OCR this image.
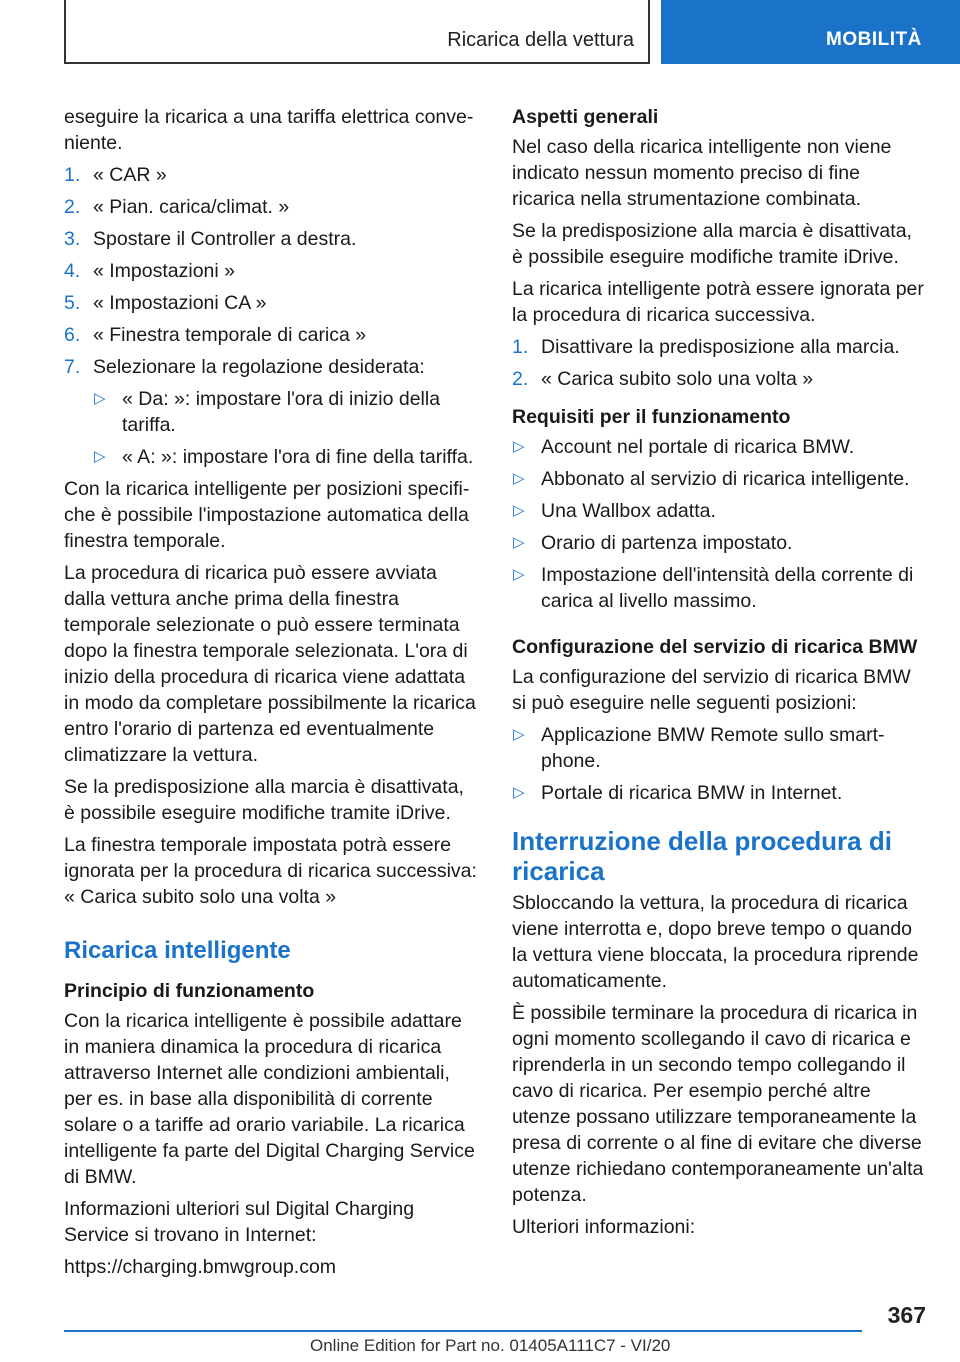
Ricarica della vettura	MOBILITÀ

eseguire la ricarica a una tariffa elettrica conveniente.

1. « CAR »
2. « Pian. carica/climat. »
3. Spostare il Controller a destra.
4. « Impostazioni »
5. « Impostazioni CA »
6. « Finestra temporale di carica »
7. Selezionare la regolazione desiderata:
▷ « Da: »: impostare l'ora di inizio della tariffa.
▷ « A: »: impostare l'ora di fine della tariffa.

Con la ricarica intelligente per posizioni specifiche è possibile l'impostazione automatica della finestra temporale.

La procedura di ricarica può essere avviata dalla vettura anche prima della finestra temporale selezionate o può essere terminata dopo la finestra temporale selezionata. L'ora di inizio della procedura di ricarica viene adattata in modo da completare possibilmente la ricarica entro l'orario di partenza ed eventualmente climatizzare la vettura.

Se la predisposizione alla marcia è disattivata, è possibile eseguire modifiche tramite iDrive.

La finestra temporale impostata potrà essere ignorata per la procedura di ricarica successiva: « Carica subito solo una volta »

Ricarica intelligente
Principio di funzionamento

Con la ricarica intelligente è possibile adattare in maniera dinamica la procedura di ricarica attraverso Internet alle condizioni ambientali, per es. in base alla disponibilità di corrente solare o a tariffe ad orario variabile. La ricarica intelligente fa parte del Digital Charging Service di BMW.

Informazioni ulteriori sul Digital Charging Service si trovano in Internet:

https://charging.bmwgroup.com

Aspetti generali

Nel caso della ricarica intelligente non viene indicato nessun momento preciso di fine ricarica nella strumentazione combinata.

Se la predisposizione alla marcia è disattivata, è possibile eseguire modifiche tramite iDrive.

La ricarica intelligente potrà essere ignorata per la procedura di ricarica successiva.

1. Disattivare la predisposizione alla marcia.
2. « Carica subito solo una volta »
Requisiti per il funzionamento
▷ Account nel portale di ricarica BMW.
▷ Abbonato al servizio di ricarica intelligente.
▷ Una Wallbox adatta.
▷ Orario di partenza impostato.
▷ Impostazione dell'intensità della corrente di carica al livello massimo.
Configurazione del servizio di ricarica BMW

La configurazione del servizio di ricarica BMW si può eseguire nelle seguenti posizioni:

▷ Applicazione BMW Remote sullo smartphone.
▷ Portale di ricarica BMW in Internet.
Interruzione della procedura di ricarica

Sbloccando la vettura, la procedura di ricarica viene interrotta e, dopo breve tempo o quando la vettura viene bloccata, la procedura riprende automaticamente.

È possibile terminare la procedura di ricarica in ogni momento scollegando il cavo di ricarica e riprenderla in un secondo tempo collegando il cavo di ricarica. Per esempio perché altre utenze possano utilizzare temporaneamente la presa di corrente o al fine di evitare che diverse utenze richiedano contemporaneamente un'alta potenza.

Ulteriori informazioni:

367
Online Edition for Part no. 01405A111C7 - VI/20
